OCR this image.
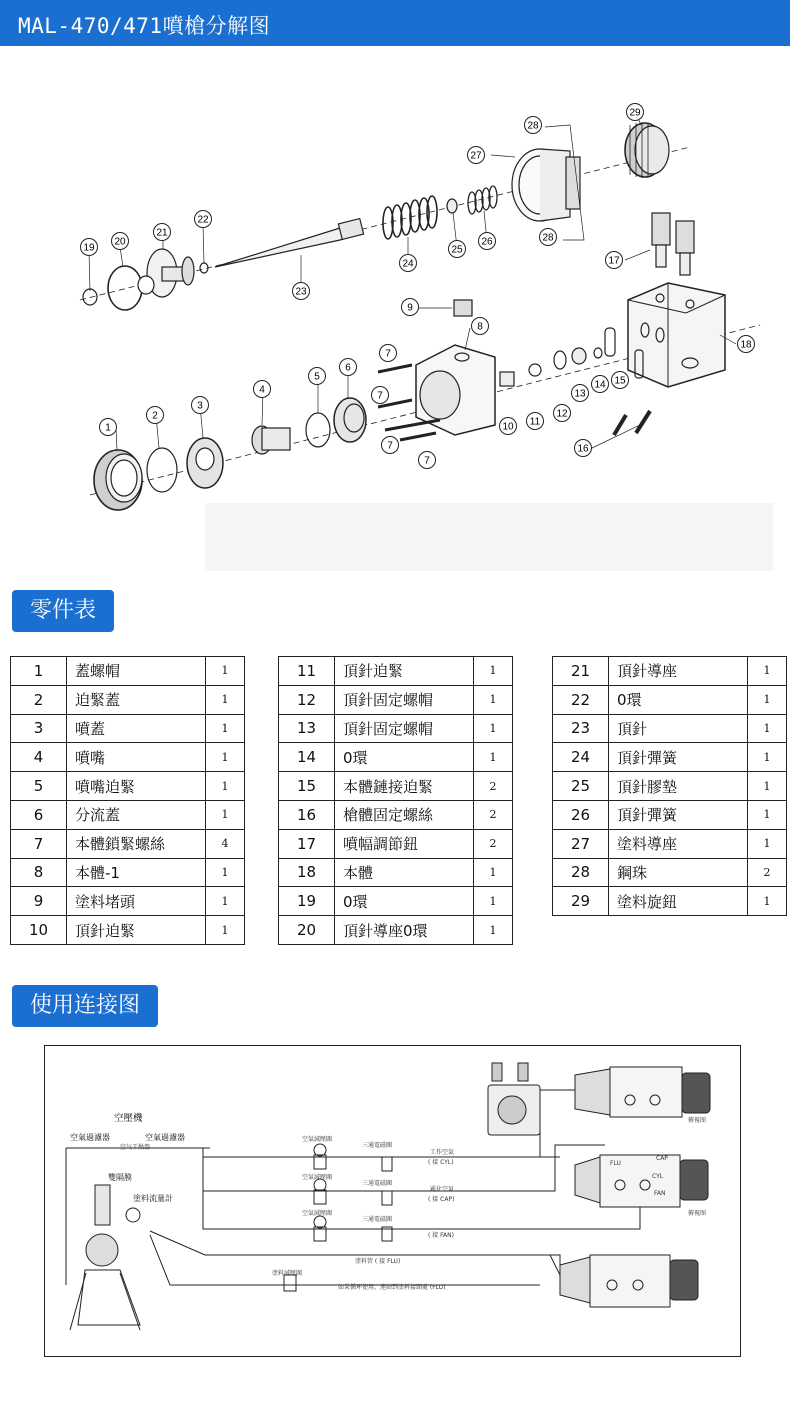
MAL-470/471噴槍分解图
1
2
3
4
5
6
7
8
9
10 11
12
13
14 15
16
17
18
19
20
21
22
23
24
25
26
27
28
29
7
7
7
28
零件表
1	蓋螺帽	1
2	迫緊蓋	1
3	噴蓋	1
4	噴嘴	1
5	噴嘴迫緊	1
6	分流蓋	1
7	本體鎖緊螺絲	4
8	本體-1	1
9	塗料堵頭	1
10	頂針迫緊	1
11	頂針迫緊	1
12	頂針固定螺帽	1
13	頂針固定螺帽	1
14	0環	1
15	本體鏈接迫緊	2
16	槍體固定螺絲	2
17	噴幅調節鈕	2
18	本體	1
19	0環	1
20	頂針導座0環	1
21	頂針導座	1
22	0環	1
23	頂針	1
24	頂針彈簧	1
25	頂針膠墊	1
26	頂針彈簧	1
27	塗料導座	1
28	鋼珠	2
29	塗料旋鈕	1
使用连接图
空壓機
空氣過濾器	空氣過濾器
空气干燥器
雙隔膜
塗料流量計
空氣減壓閥
空氣減壓閥
空氣減壓閥
塗料減壓閥
三通電磁閥
三通電磁閥
三通電磁閥
工作空氣
( 接 CYL)
霧化空氣
( 接 CAP)
( 接 FAN)
塗料管 ( 接 FLU)
如果循环使用，連結到塗料接頭處 (FLU)
俯視图
俯視图
FLU
CAP
CYL
FAN
